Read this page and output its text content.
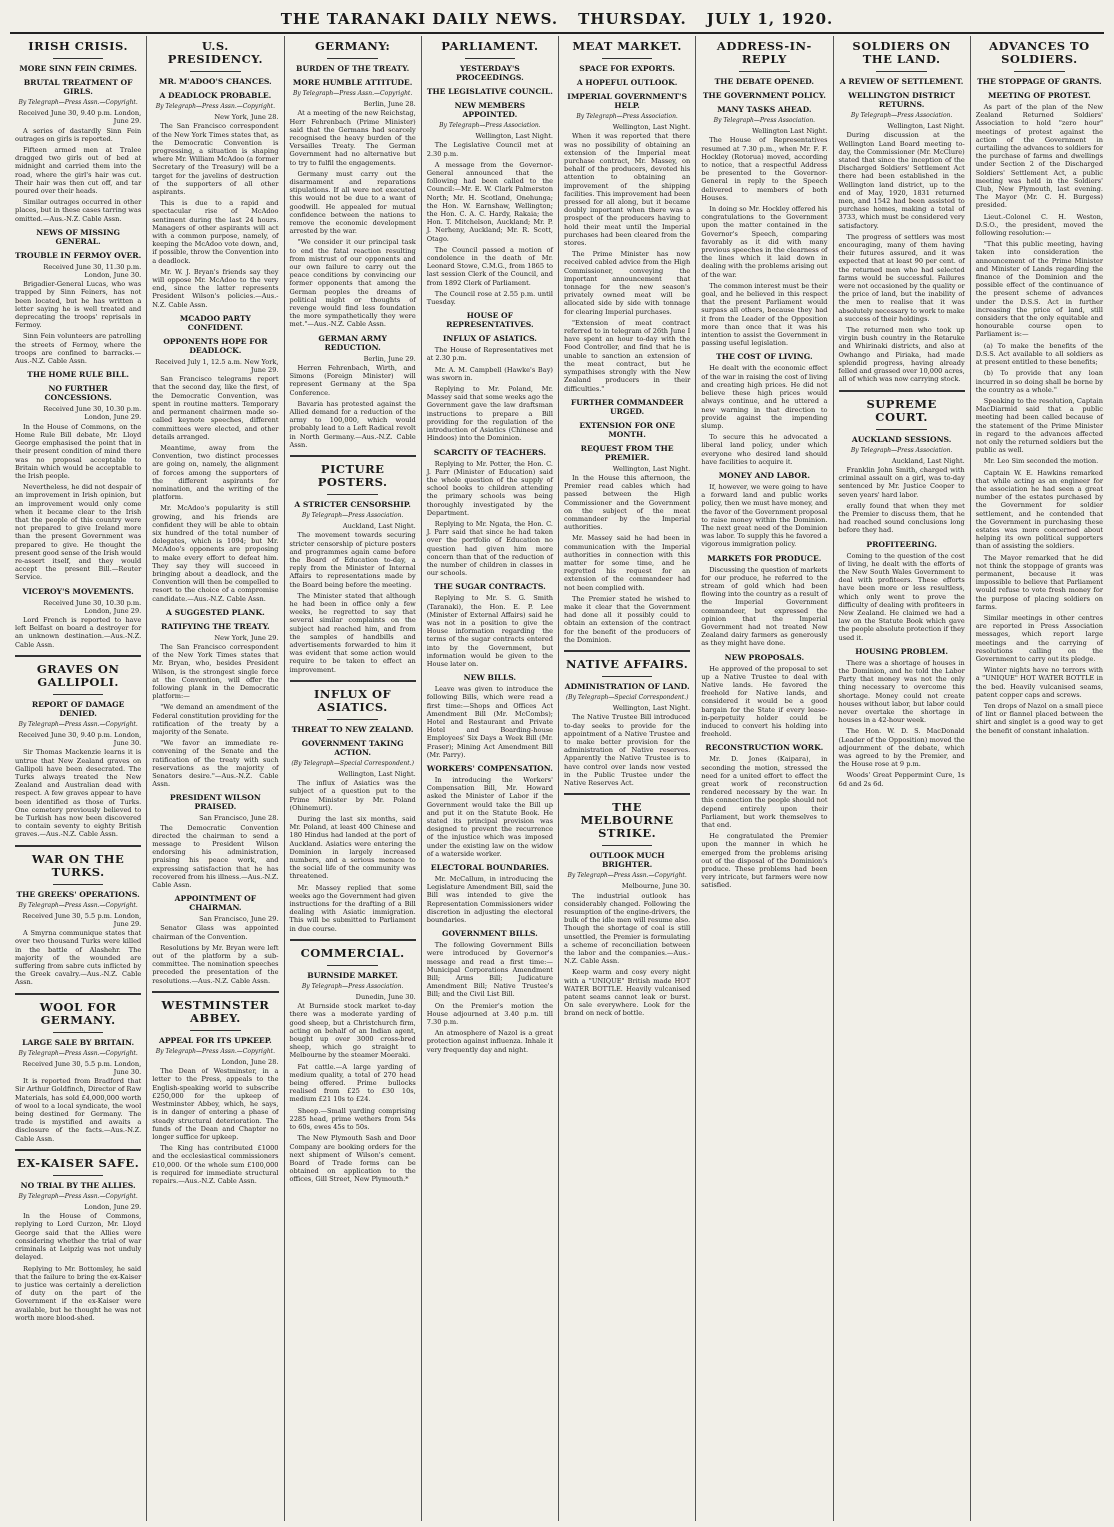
THE TARANAKI DAILY NEWS. THURSDAY. JULY 1, 1920.
IRISH CRISIS.
MORE SINN FEIN CRIMES.
BRUTAL TREATMENT OF GIRLS.
By Telegraph—Press Assn.—Copyright.
Received June 30, 9.40 p.m. London, June 29.

A series of dastardly Sinn Fein outrages on girls is reported.

Fifteen armed men at Tralee dragged two girls out of bed at midnight and carried them into the road, where the girl's hair was cut. Their hair was then cut off, and tar poured over their heads.

Similar outrages occurred in other places, but in these cases tarring was omitted.—Aus.-N.Z. Cable Assn.

NEWS OF MISSING GENERAL.
TROUBLE IN FERMOY OVER.
Received June 30, 11.30 p.m. London, June 30.

Brigadier-General Lucas, who was trapped by Sinn Feiners, has not been located, but he has written a letter saying he is well treated and deprecating the troops' reprisals in Fermoy.

Sinn Fein volunteers are patrolling the streets of Fermoy, where the troops are confined to barracks.—Aus.-N.Z. Cable Assn.

THE HOME RULE BILL.
NO FURTHER CONCESSIONS.
Received June 30, 10.30 p.m. London, June 29.

In the House of Commons, on the Home Rule Bill debate, Mr. Lloyd George emphasised the point that in their present condition of mind there was no proposal acceptable to Britain which would be acceptable to the Irish people.

Nevertheless, he did not despair of an improvement in Irish opinion, but an improvement would only come when it became clear to the Irish that the people of this country were not prepared to give Ireland more than the present Government was prepared to give. He thought the present good sense of the Irish would re-assert itself, and they would accept the present Bill.—Reuter Service.

VICEROY'S MOVEMENTS.
Received June 30, 10.30 p.m. London, June 29.

Lord French is reported to have left Belfast on board a destroyer for an unknown destination.—Aus.-N.Z. Cable Assn.

GRAVES ON GALLIPOLI.
REPORT OF DAMAGE DENIED.
By Telegraph—Press Assn.—Copyright.
Received June 30, 9.40 p.m. London, June 30.

Sir Thomas Mackenzie learns it is untrue that New Zealand graves on Gallipoli have been desecrated. The Turks always treated the New Zealand and Australian dead with respect. A few graves appear to have been identified as those of Turks. One cemetery previously believed to be Turkish has now been discovered to contain seventy to eighty British graves.—Aus.-N.Z. Cable Assn.

WAR ON THE TURKS.
THE GREEKS' OPERATIONS.
By Telegraph—Press Assn.—Copyright.
Received June 30, 5.5 p.m. London, June 29.

A Smyrna communique states that over two thousand Turks were killed in the battle of Alashehr. The majority of the wounded are suffering from sabre cuts inflicted by the Greek cavalry.—Aus.-N.Z. Cable Assn.

WOOL FOR GERMANY.
LARGE SALE BY BRITAIN.
By Telegraph—Press Assn.—Copyright.
Received June 30, 5.5 p.m. London, June 30.

It is reported from Bradford that Sir Arthur Goldfinch, Director of Raw Materials, has sold £4,000,000 worth of wool to a local syndicate, the wool being destined for Germany. The trade is mystified and awaits a disclosure of the facts.—Aus.-N.Z. Cable Assn.

EX-KAISER SAFE.
NO TRIAL BY THE ALLIES.
By Telegraph—Press Assn.—Copyright.
London, June 29.

In the House of Commons, replying to Lord Curzon, Mr. Lloyd George said that the Allies were considering whether the trial of war criminals at Leipzig was not unduly delayed.

Replying to Mr. Bottomley, he said that the failure to bring the ex-Kaiser to justice was certainly a dereliction of duty on the part of the Government if the ex-Kaiser were available, but he thought he was not worth more blood-shed.

U.S. PRESIDENCY.
MR. M'ADOO'S CHANCES.
A DEADLOCK PROBABLE.
By Telegraph—Press Assn.—Copyright.
New York, June 28.

The San Francisco correspondent of the New York Times states that, as the Democratic Convention is progressing, a situation is shaping where Mr. William McAdoo (a former Secretary of the Treasury) will be a target for the javelins of destruction of the supporters of all other aspirants.

This is due to a rapid and spectacular rise of McAdoo sentiment during the last 24 hours. Managers of other aspirants will act with a common purpose, namely, of keeping the McAdoo vote down, and, if possible, throw the Convention into a deadlock.

Mr. W. J. Bryan's friends say they will oppose Mr. McAdoo to the very end, since the latter represents President Wilson's policies.—Aus.-N.Z. Cable Assn.

MCADOO PARTY CONFIDENT.
OPPONENTS HOPE FOR DEADLOCK.
Received July 1, 12.5 a.m. New York, June 29.

San Francisco telegrams report that the second day, like the first, of the Democratic Convention, was spent in routine matters. Temporary and permanent chairmen made so-called keynote speeches, different committees were elected, and other details arranged.

Meantime, away from the Convention, two distinct processes are going on, namely, the alignment of forces among the supporters of the different aspirants for nomination, and the writing of the platform.

Mr. McAdoo's popularity is still growing, and his friends are confident they will be able to obtain six hundred of the total number of delegates, which is 1094; but Mr. McAdoo's opponents are proposing to make every effort to defeat him. They say they will succeed in bringing about a deadlock, and the Convention will then be compelled to resort to the choice of a compromise candidate.—Aus.-N.Z. Cable Assn.

A SUGGESTED PLANK.
RATIFYING THE TREATY.
New York, June 29.

The San Francisco correspondent of the New York Times states that Mr. Bryan, who, besides President Wilson, is the strongest single force at the Convention, will offer the following plank in the Democratic platform:—

"We demand an amendment of the Federal constitution providing for the ratification of the treaty by a majority of the Senate.

"We favor an immediate re-convening of the Senate and the ratification of the treaty with such reservations as the majority of Senators desire."—Aus.-N.Z. Cable Assn.

PRESIDENT WILSON PRAISED.
San Francisco, June 28.

The Democratic Convention directed the chairman to send a message to President Wilson endorsing his administration, praising his peace work, and expressing satisfaction that he has recovered from his illness.—Aus.-N.Z. Cable Assn.

APPOINTMENT OF CHAIRMAN.
San Francisco, June 29.

Senator Glass was appointed chairman of the Convention.

Resolutions by Mr. Bryan were left out of the platform by a sub-committee. The nomination speeches preceded the presentation of the resolutions.—Aus.-N.Z. Cable Assn.

WESTMINSTER ABBEY.
APPEAL FOR ITS UPKEEP.
By Telegraph—Press Assn.—Copyright.
London, June 28.

The Dean of Westminster, in a letter to the Press, appeals to the English-speaking world to subscribe £250,000 for the upkeep of Westminster Abbey, which, he says, is in danger of entering a phase of steady structural deterioration. The funds of the Dean and Chapter no longer suffice for upkeep.

The King has contributed £1000 and the ecclesiastical commissioners £10,000. Of the whole sum £100,000 is required for immediate structural repairs.—Aus.-N.Z. Cable Assn.

GERMANY:
BURDEN OF THE TREATY.
MORE HUMBLE ATTITUDE.
By Telegraph—Press Assn.—Copyright.
Berlin, June 28.

At a meeting of the new Reichstag, Herr Fehrenbach (Prime Minister) said that the Germans had scarcely recognised the heavy burden of the Versailles Treaty. The German Government had no alternative but to try to fulfil the engagements.

Germany must carry out the disarmament and reparations stipulations. If all were not executed this would not be due to a want of goodwill. He appealed for mutual confidence between the nations to remove the economic development arrested by the war.

"We consider it our principal task to end the fatal reaction resulting from mistrust of our opponents and our own failure to carry out the peace conditions by convincing our former opponents that among the German peoples the dreams of political might or thoughts of revenge would find less foundation the more sympathetically they were met."—Aus.-N.Z. Cable Assn.

GERMAN ARMY REDUCTION.
Berlin, June 29.

Herren Fehrenbach, Wirth, and Simons (Foreign Minister) will represent Germany at the Spa Conference.

Bavaria has protested against the Allied demand for a reduction of the army to 100,000, which would probably lead to a Left Radical revolt in North Germany.—Aus.-N.Z. Cable Assn.

PICTURE POSTERS.
A STRICTER CENSORSHIP.
By Telegraph—Press Association.
Auckland, Last Night.

The movement towards securing stricter censorship of picture posters and programmes again came before the Board of Education to-day, a reply from the Minister of Internal Affairs to representations made by the Board being before the meeting.

The Minister stated that although he had been in office only a few weeks, he regretted to say that several similar complaints on the subject had reached him, and from the samples of handbills and advertisements forwarded to him it was evident that some action would require to be taken to effect an improvement.

INFLUX OF ASIATICS.
THREAT TO NEW ZEALAND.
GOVERNMENT TAKING ACTION.
(By Telegraph—Special Correspondent.)
Wellington, Last Night.

The influx of Asiatics was the subject of a question put to the Prime Minister by Mr. Poland (Ohinemuri).

During the last six months, said Mr. Poland, at least 400 Chinese and 180 Hindus had landed at the port of Auckland. Asiatics were entering the Dominion in largely increased numbers, and a serious menace to the social life of the community was threatened.

Mr. Massey replied that some weeks ago the Government had given instructions for the drafting of a Bill dealing with Asiatic immigration. This will be submitted to Parliament in due course.

COMMERCIAL.
BURNSIDE MARKET.
By Telegraph—Press Association.
Dunedin, June 30.

At Burnside stock market to-day there was a moderate yarding of good sheep, but a Christchurch firm, acting on behalf of an Indian agent, bought up over 3000 cross-bred sheep, which go straight to Melbourne by the steamer Moeraki.

Fat cattle.—A large yarding of medium quality, a total of 270 head being offered. Prime bullocks realised from £25 to £30 10s, medium £21 10s to £24.

Sheep.—Small yarding comprising 2285 head, prime wethers from 54s to 60s, ewes 45s to 50s.

The New Plymouth Sash and Door Company are booking orders for the next shipment of Wilson's cement. Board of Trade forms can be obtained on application to the offices, Gill Street, New Plymouth.*

PARLIAMENT.
YESTERDAY'S PROCEEDINGS.
THE LEGISLATIVE COUNCIL.
NEW MEMBERS APPOINTED.
By Telegraph—Press Association.
Wellington, Last Night.

The Legislative Council met at 2.30 p.m.

A message from the Governor-General announced that the following had been called to the Council:—Mr. E. W. Clark Palmerston North; Mr. H. Scotland, Onehunga; the Hon. W. Earnshaw, Wellington; the Hon. C. A. C. Hardy, Rakaia; the Hon. T. Mitchelson, Auckland; Mr. P. J. Nerheny, Auckland; Mr. R. Scott, Otago.

The Council passed a motion of condolence in the death of Mr. Leonard Stowe, C.M.G., from 1865 to last session Clerk of the Council, and from 1892 Clerk of Parliament.

The Council rose at 2.55 p.m. until Tuesday.

HOUSE OF REPRESENTATIVES.
INFLUX OF ASIATICS.

The House of Representatives met at 2.30 p.m.

Mr. A. M. Campbell (Hawke's Bay) was sworn in.

Replying to Mr. Poland, Mr. Massey said that some weeks ago the Government gave the law draftsman instructions to prepare a Bill providing for the regulation of the introduction of Asiatics (Chinese and Hindoos) into the Dominion.

SCARCITY OF TEACHERS.

Replying to Mr. Potter, the Hon. C. J. Parr (Minister of Education) said the whole question of the supply of school books to children attending the primary schools was being thoroughly investigated by the Department.

Replying to Mr. Ngata, the Hon. C. J. Parr said that since he had taken over the portfolio of Education no question had given him more concern than that of the reduction of the number of children in classes in our schools.

THE SUGAR CONTRACTS.

Replying to Mr. S. G. Smith (Taranaki), the Hon. E. P. Lee (Minister of External Affairs) said he was not in a position to give the House information regarding the terms of the sugar contracts entered into by the Government, but information would be given to the House later on.

NEW BILLS.

Leave was given to introduce the following Bills, which were read a first time:—Shops and Offices Act Amendment Bill (Mr. McCombs); Hotel and Restaurant and Private Hotel and Boarding-house Employees' Six Days a Week Bill (Mr. Fraser); Mining Act Amendment Bill (Mr. Parry).

WORKERS' COMPENSATION.

In introducing the Workers' Compensation Bill, Mr. Howard asked the Minister of Labor if the Government would take the Bill up and put it on the Statute Book. He stated its principal provision was designed to prevent the recurrence of the injustice which was imposed under the existing law on the widow of a waterside worker.

ELECTORAL BOUNDARIES.

Mr. McCallum, in introducing the Legislature Amendment Bill, said the Bill was intended to give the Representation Commissioners wider discretion in adjusting the electoral boundaries.

GOVERNMENT BILLS.

The following Government Bills were introduced by Governor's message and read a first time:—Municipal Corporations Amendment Bill; Arms Bill; Judicature Amendment Bill; Native Trustee's Bill; and the Civil List Bill.

On the Premier's motion the House adjourned at 3.40 p.m. till 7.30 p.m.

An atmosphere of Nazol is a great protection against influenza. Inhale it very frequently day and night.

MEAT MARKET.
SPACE FOR EXPORTS.
A HOPEFUL OUTLOOK.
IMPERIAL GOVERNMENT'S HELP.
By Telegraph—Press Association.
Wellington, Last Night.

When it was reported that there was no possibility of obtaining an extension of the Imperial meat purchase contract, Mr. Massey, on behalf of the producers, devoted his attention to obtaining an improvement of the shipping facilities. This improvement had been pressed for all along, but it became doubly important when there was a prospect of the producers having to hold their meat until the Imperial purchases had been cleared from the stores.

The Prime Minister has now received cabled advice from the High Commissioner, conveying the important announcement that tonnage for the new season's privately owned meat will be allocated side by side with tonnage for clearing Imperial purchases.

"Extension of meat contract referred to in telegram of 26th June I have spent an hour to-day with the Food Controller, and find that he is unable to sanction an extension of the meat contract, but he sympathises strongly with the New Zealand producers in their difficulties."

FURTHER COMMANDEER URGED.
EXTENSION FOR ONE MONTH.
REQUEST FROM THE PREMIER.
Wellington, Last Night.

In the House this afternoon, the Premier read cables which had passed between the High Commissioner and the Government on the subject of the meat commandeer by the Imperial authorities.

Mr. Massey said he had been in communication with the Imperial authorities in connection with this matter for some time, and he regretted his request for an extension of the commandeer had not been complied with.

The Premier stated he wished to make it clear that the Government had done all it possibly could to obtain an extension of the contract for the benefit of the producers of the Dominion.

NATIVE AFFAIRS.
ADMINISTRATION OF LAND.
(By Telegraph—Special Correspondent.)
Wellington, Last Night.

The Native Trustee Bill introduced to-day seeks to provide for the appointment of a Native Trustee and to make better provision for the administration of Native reserves. Apparently the Native Trustee is to have control over lands now vested in the Public Trustee under the Native Reserves Act.

THE MELBOURNE STRIKE.
OUTLOOK MUCH BRIGHTER.
By Telegraph—Press Assn.—Copyright.
Melbourne, June 30.

The industrial outlook has considerably changed. Following the resumption of the engine-drivers, the bulk of the idle men will resume also. Though the shortage of coal is still unsettled, the Premier is formulating a scheme of reconciliation between the labor and the companies.—Aus.-N.Z. Cable Assn.

Keep warm and cosy every night with a "UNIQUE" British made HOT WATER BOTTLE. Heavily vulcanised patent seams cannot leak or burst. On sale everywhere. Look for the brand on neck of bottle.

ADDRESS-IN-REPLY
THE DEBATE OPENED.
THE GOVERNMENT POLICY.
MANY TASKS AHEAD.
By Telegraph—Press Association.
Wellington Last Night.

The House of Representatives resumed at 7.30 p.m., when Mr. F. F. Hockley (Rotorua) moved, according to notice, that a respectful Address be presented to the Governor-General in reply to the Speech delivered to members of both Houses.

In doing so Mr. Hockley offered his congratulations to the Government upon the matter contained in the Governor's Speech, comparing favorably as it did with many previous speeches in the clearness of the lines which it laid down in dealing with the problems arising out of the war.

The common interest must be their goal, and he believed in this respect that the present Parliament would surpass all others, because they had it from the Leader of the Opposition more than once that it was his intention to assist the Government in passing useful legislation.

THE COST OF LIVING.

He dealt with the economic effect of the war in raising the cost of living and creating high prices. He did not believe these high prices would always continue, and he uttered a new warning in that direction to provide against the impending slump.

To secure this he advocated a liberal land policy, under which everyone who desired land should have facilities to acquire it.

MONEY AND LABOR.

If, however, we were going to have a forward land and public works policy, then we must have money, and the favor of the Government proposal to raise money within the Dominion. The next great need of the Dominion was labor. To supply this he favored a vigorous immigration policy.

MARKETS FOR PRODUCE.

Discussing the question of markets for our produce, he referred to the stream of gold which had been flowing into the country as a result of the Imperial Government commandeer, but expressed the opinion that the Imperial Government had not treated New Zealand dairy farmers as generously as they might have done.

NEW PROPOSALS.

He approved of the proposal to set up a Native Trustee to deal with Native lands. He favored the freehold for Native lands, and considered it would be a good bargain for the State if every lease-in-perpetuity holder could be induced to convert his holding into freehold.

RECONSTRUCTION WORK.

Mr. D. Jones (Kaipara), in seconding the motion, stressed the need for a united effort to effect the great work of reconstruction rendered necessary by the war. In this connection the people should not depend entirely upon their Parliament, but work themselves to that end.

He congratulated the Premier upon the manner in which he emerged from the problems arising out of the disposal of the Dominion's produce. These problems had been very intricate, but farmers were now satisfied.

SOLDIERS ON THE LAND.
A REVIEW OF SETTLEMENT.
WELLINGTON DISTRICT RETURNS.
By Telegraph—Press Association.
Wellington, Last Night.

During discussion at the Wellington Land Board meeting to-day, the Commissioner (Mr. McClure) stated that since the inception of the Discharged Soldiers' Settlement Act there had been established in the Wellington land district, up to the end of May, 1920, 1831 returned men, and 1542 had been assisted to purchase homes, making a total of 3733, which must be considered very satisfactory.

The progress of settlers was most encouraging, many of them having their futures assured, and it was expected that at least 90 per cent. of the returned men who had selected farms would be successful. Failures were not occasioned by the quality or the price of land, but the inability of the men to realise that it was absolutely necessary to work to make a success of their holdings.

The returned men who took up virgin bush country in the Retaruke and Whirinaki districts, and also at Owhango and Piriaka, had made splendid progress, having already felled and grassed over 10,000 acres, all of which was now carrying stock.

SUPREME COURT.
AUCKLAND SESSIONS.
By Telegraph—Press Association.
Auckland, Last Night.

Franklin John Smith, charged with criminal assault on a girl, was to-day sentenced by Mr. Justice Cooper to seven years' hard labor.

erally found that when they met the Premier to discuss them, that he had reached sound conclusions long before they had.

PROFITEERING.

Coming to the question of the cost of living, he dealt with the efforts of the New South Wales Government to deal with profiteers. These efforts have been more or less resultless, which only went to prove the difficulty of dealing with profiteers in New Zealand. He claimed we had a law on the Statute Book which gave the people absolute protection if they used it.

HOUSING PROBLEM.

There was a shortage of houses in the Dominion, and he told the Labor Party that money was not the only thing necessary to overcome this shortage. Money could not create houses without labor, but labor could never overtake the shortage in houses in a 42-hour week.

The Hon. W. D. S. MacDonald (Leader of the Opposition) moved the adjournment of the debate, which was agreed to by the Premier, and the House rose at 9 p.m.

Woods' Great Peppermint Cure, 1s 6d and 2s 6d.

ADVANCES TO SOLDIERS.
THE STOPPAGE OF GRANTS.
MEETING OF PROTEST.

As part of the plan of the New Zealand Returned Soldiers' Association to hold "zero hour" meetings of protest against the action of the Government in curtailing the advances to soldiers for the purchase of farms and dwellings under Section 2 of the Discharged Soldiers' Settlement Act, a public meeting was held in the Soldiers' Club, New Plymouth, last evening. The Mayor (Mr. C. H. Burgess) presided.

Lieut.-Colonel C. H. Weston, D.S.O., the president, moved the following resolution:—

"That this public meeting, having taken into consideration the announcement of the Prime Minister and Minister of Lands regarding the finance of the Dominion and the possible effect of the continuance of the present scheme of advances under the D.S.S. Act in further increasing the price of land, still considers that the only equitable and honourable course open to Parliament is:—

(a) To make the benefits of the D.S.S. Act available to all soldiers as at present entitled to these benefits;

(b) To provide that any loan incurred in so doing shall be borne by the country as a whole."

Speaking to the resolution, Captain MacDiarmid said that a public meeting had been called because of the statement of the Prime Minister in regard to the advances affected not only the returned soldiers but the public as well.

Mr. Leo Sim seconded the motion.

Captain W. E. Hawkins remarked that while acting as an engineer for the association he had seen a great number of the estates purchased by the Government for soldier settlement, and he contended that the Government in purchasing these estates was more concerned about helping its own political supporters than of assisting the soldiers.

The Mayor remarked that he did not think the stoppage of grants was permanent, because it was impossible to believe that Parliament would refuse to vote fresh money for the purpose of placing soldiers on farms.

Similar meetings in other centres are reported in Press Association messages, which report large meetings and the carrying of resolutions calling on the Government to carry out its pledge.

Winter nights have no terrors with a "UNIQUE" HOT WATER BOTTLE in the bed. Heavily vulcanised seams, patent copper caps and screws.

Ten drops of Nazol on a small piece of lint or flannel placed between the shirt and singlet is a good way to get the benefit of constant inhalation.
